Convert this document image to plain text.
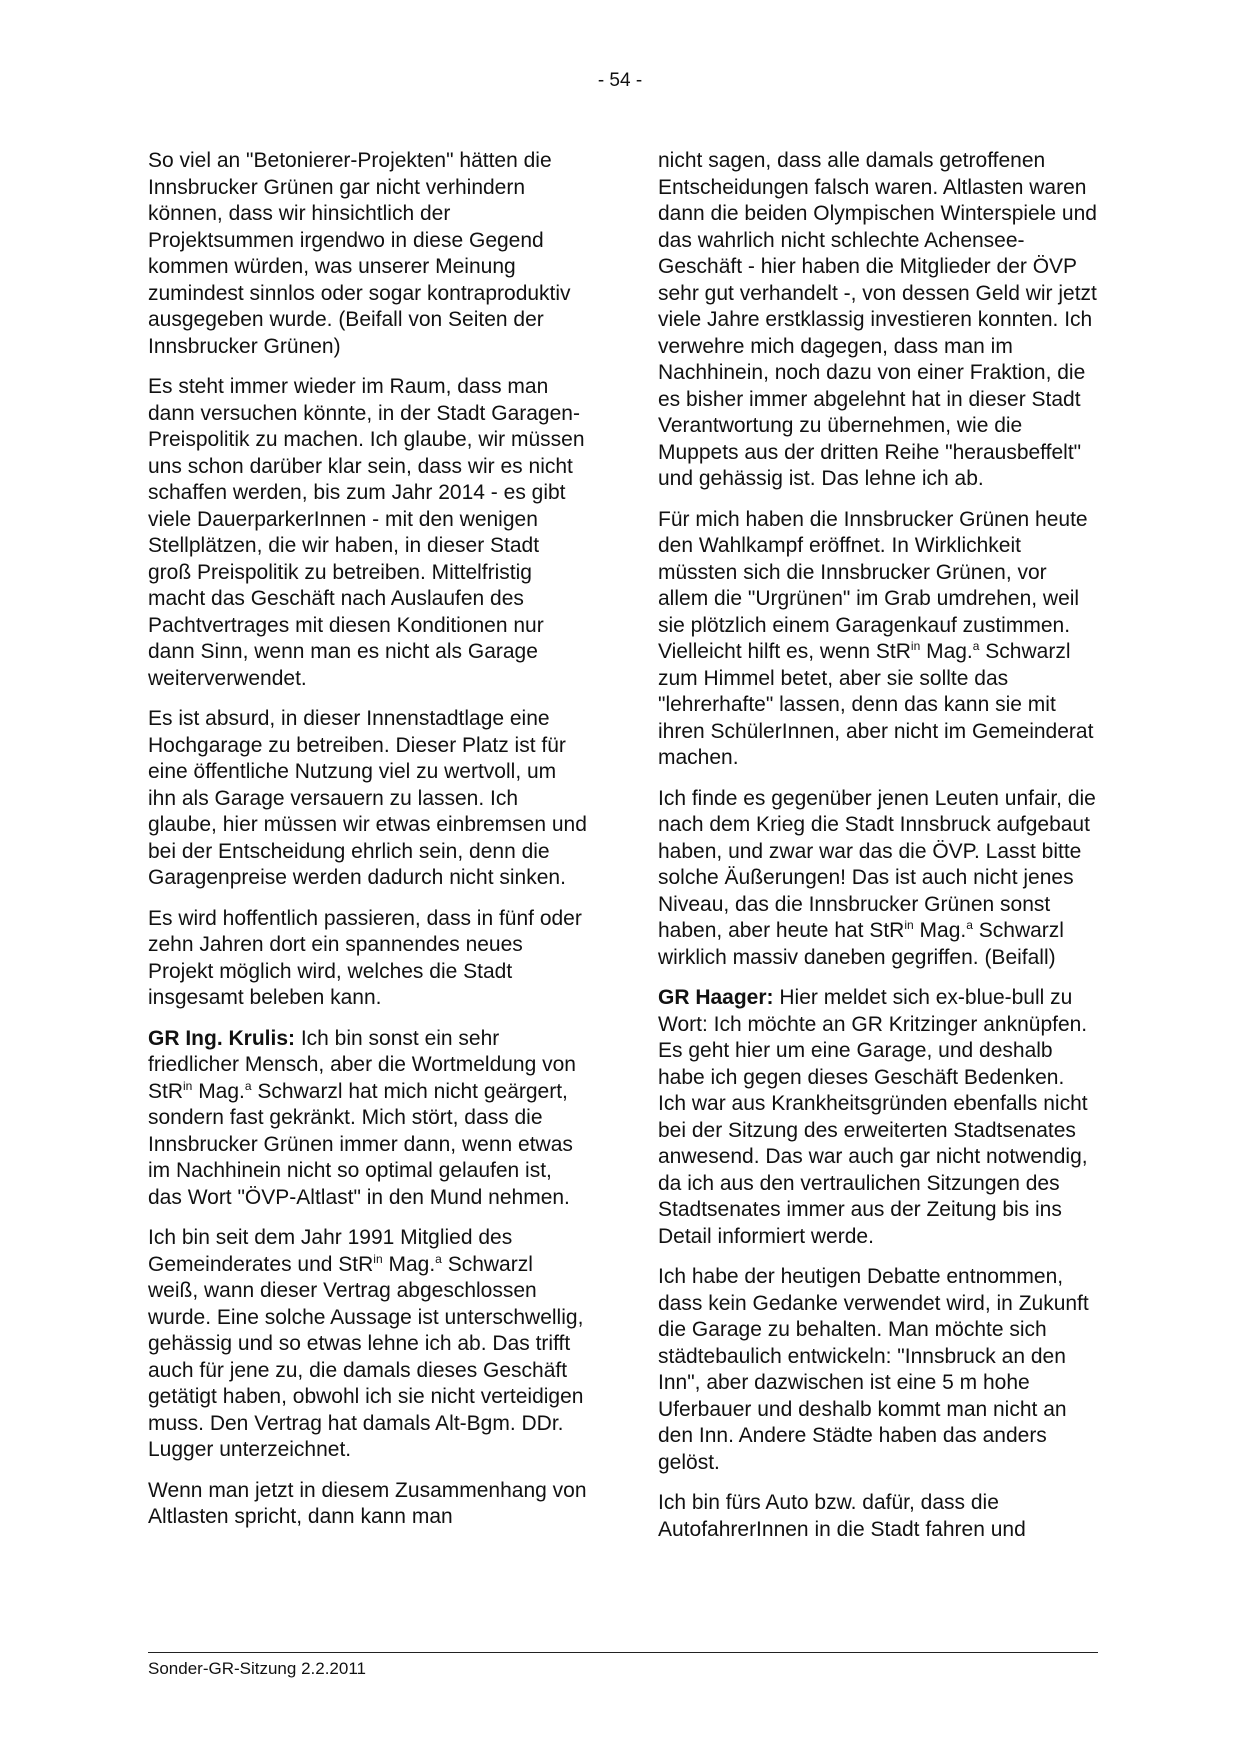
- 54 -

So viel an "Betonierer-Projekten" hätten die Innsbrucker Grünen gar nicht verhindern können, dass wir hinsichtlich der Projektsummen irgendwo in diese Gegend kommen würden, was unserer Meinung zumindest sinnlos oder sogar kontraproduktiv ausgegeben wurde. (Beifall von Seiten der Innsbrucker Grünen)

Es steht immer wieder im Raum, dass man dann versuchen könnte, in der Stadt Garagen-Preispolitik zu machen. Ich glaube, wir müssen uns schon darüber klar sein, dass wir es nicht schaffen werden, bis zum Jahr 2014 - es gibt viele DauerparkerInnen - mit den wenigen Stellplätzen, die wir haben, in dieser Stadt groß Preispolitik zu betreiben. Mittelfristig macht das Geschäft nach Auslaufen des Pachtvertrages mit diesen Konditionen nur dann Sinn, wenn man es nicht als Garage weiterverwendet.

Es ist absurd, in dieser Innenstadtlage eine Hochgarage zu betreiben. Dieser Platz ist für eine öffentliche Nutzung viel zu wertvoll, um ihn als Garage versauern zu lassen. Ich glaube, hier müssen wir etwas einbremsen und bei der Entscheidung ehrlich sein, denn die Garagenpreise werden dadurch nicht sinken.

Es wird hoffentlich passieren, dass in fünf oder zehn Jahren dort ein spannendes neues Projekt möglich wird, welches die Stadt insgesamt beleben kann.

GR Ing. Krulis: Ich bin sonst ein sehr friedlicher Mensch, aber die Wortmeldung von StR$^{in}$ Mag.$^a$ Schwarzl hat mich nicht geärgert, sondern fast gekränkt. Mich stört, dass die Innsbrucker Grünen immer dann, wenn etwas im Nachhinein nicht so optimal gelaufen ist, das Wort "ÖVP-Altlast" in den Mund nehmen.

Ich bin seit dem Jahr 1991 Mitglied des Gemeinderates und StR$^{in}$ Mag.$^a$ Schwarzl weiß, wann dieser Vertrag abgeschlossen wurde. Eine solche Aussage ist unterschwellig, gehässig und so etwas lehne ich ab. Das trifft auch für jene zu, die damals dieses Geschäft getätigt haben, obwohl ich sie nicht verteidigen muss. Den Vertrag hat damals Alt-Bgm. DDr. Lugger unterzeichnet.

Wenn man jetzt in diesem Zusammenhang von Altlasten spricht, dann kann man

nicht sagen, dass alle damals getroffenen Entscheidungen falsch waren. Altlasten waren dann die beiden Olympischen Winterspiele und das wahrlich nicht schlechte Achensee-Geschäft - hier haben die Mitglieder der ÖVP sehr gut verhandelt -, von dessen Geld wir jetzt viele Jahre erstklassig investieren konnten. Ich verwehre mich dagegen, dass man im Nachhinein, noch dazu von einer Fraktion, die es bisher immer abgelehnt hat in dieser Stadt Verantwortung zu übernehmen, wie die Muppets aus der dritten Reihe "herausbeffelt" und gehässig ist. Das lehne ich ab.

Für mich haben die Innsbrucker Grünen heute den Wahlkampf eröffnet. In Wirklichkeit müssten sich die Innsbrucker Grünen, vor allem die "Urgrünen" im Grab umdrehen, weil sie plötzlich einem Garagenkauf zustimmen. Vielleicht hilft es, wenn StR$^{in}$ Mag.$^a$ Schwarzl zum Himmel betet, aber sie sollte das "lehrerhafte" lassen, denn das kann sie mit ihren SchülerInnen, aber nicht im Gemeinderat machen.

Ich finde es gegenüber jenen Leuten unfair, die nach dem Krieg die Stadt Innsbruck aufgebaut haben, und zwar war das die ÖVP. Lasst bitte solche Äußerungen! Das ist auch nicht jenes Niveau, das die Innsbrucker Grünen sonst haben, aber heute hat StR$^{in}$ Mag.$^a$ Schwarzl wirklich massiv daneben gegriffen. (Beifall)

GR Haager: Hier meldet sich ex-blue-bull zu Wort: Ich möchte an GR Kritzinger anknüpfen. Es geht hier um eine Garage, und deshalb habe ich gegen dieses Geschäft Bedenken. Ich war aus Krankheitsgründen ebenfalls nicht bei der Sitzung des erweiterten Stadtsenates anwesend. Das war auch gar nicht notwendig, da ich aus den vertraulichen Sitzungen des Stadtsenates immer aus der Zeitung bis ins Detail informiert werde.

Ich habe der heutigen Debatte entnommen, dass kein Gedanke verwendet wird, in Zukunft die Garage zu behalten. Man möchte sich städtebaulich entwickeln: "Innsbruck an den Inn", aber dazwischen ist eine 5 m hohe Uferbauer und deshalb kommt man nicht an den Inn. Andere Städte haben das anders gelöst.

Ich bin fürs Auto bzw. dafür, dass die AutofahrerInnen in die Stadt fahren und

Sonder-GR-Sitzung 2.2.2011
